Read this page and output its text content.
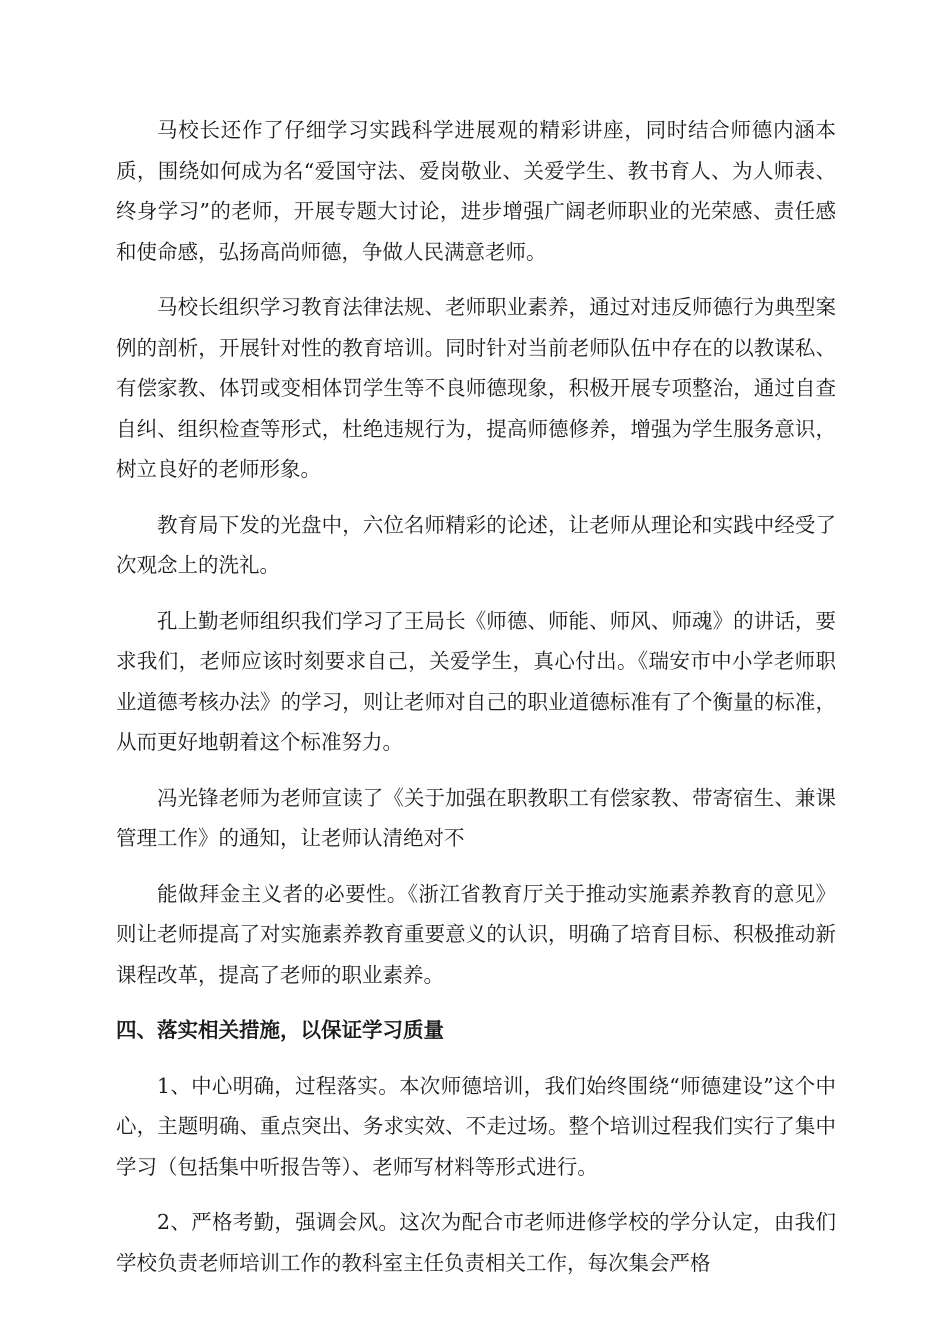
马校长还作了仔细学习实践科学进展观的精彩讲座，同时结合师德内涵本质，围绕如何成为名“爱国守法、爱岗敬业、关爱学生、教书育人、为人师表、终身学习”的老师，开展专题大讨论，进步增强广阔老师职业的光荣感、责任感和使命感，弘扬高尚师德，争做人民满意老师。

马校长组织学习教育法律法规、老师职业素养，通过对违反师德行为典型案例的剖析，开展针对性的教育培训。同时针对当前老师队伍中存在的以教谋私、有偿家教、体罚或变相体罚学生等不良师德现象，积极开展专项整治，通过自查自纠、组织检查等形式，杜绝违规行为，提高师德修养，增强为学生服务意识，树立良好的老师形象。

教育局下发的光盘中，六位名师精彩的论述，让老师从理论和实践中经受了次观念上的洗礼。

孔上勤老师组织我们学习了王局长《师德、师能、师风、师魂》的讲话，要求我们，老师应该时刻要求自己，关爱学生，真心付出。《瑞安市中小学老师职业道德考核办法》的学习，则让老师对自己的职业道德标准有了个衡量的标准，从而更好地朝着这个标准努力。

冯光锋老师为老师宣读了《关于加强在职教职工有偿家教、带寄宿生、兼课管理工作》的通知，让老师认清绝对不

能做拜金主义者的必要性。《浙江省教育厅关于推动实施素养教育的意见》则让老师提高了对实施素养教育重要意义的认识，明确了培育目标、积极推动新课程改革，提高了老师的职业素养。

四、落实相关措施，以保证学习质量

1、中心明确，过程落实。本次师德培训，我们始终围绕“师德建设”这个中心，主题明确、重点突出、务求实效、不走过场。整个培训过程我们实行了集中学习（包括集中听报告等）、老师写材料等形式进行。

2、严格考勤，强调会风。这次为配合市老师进修学校的学分认定，由我们学校负责老师培训工作的教科室主任负责相关工作，每次集会严格
